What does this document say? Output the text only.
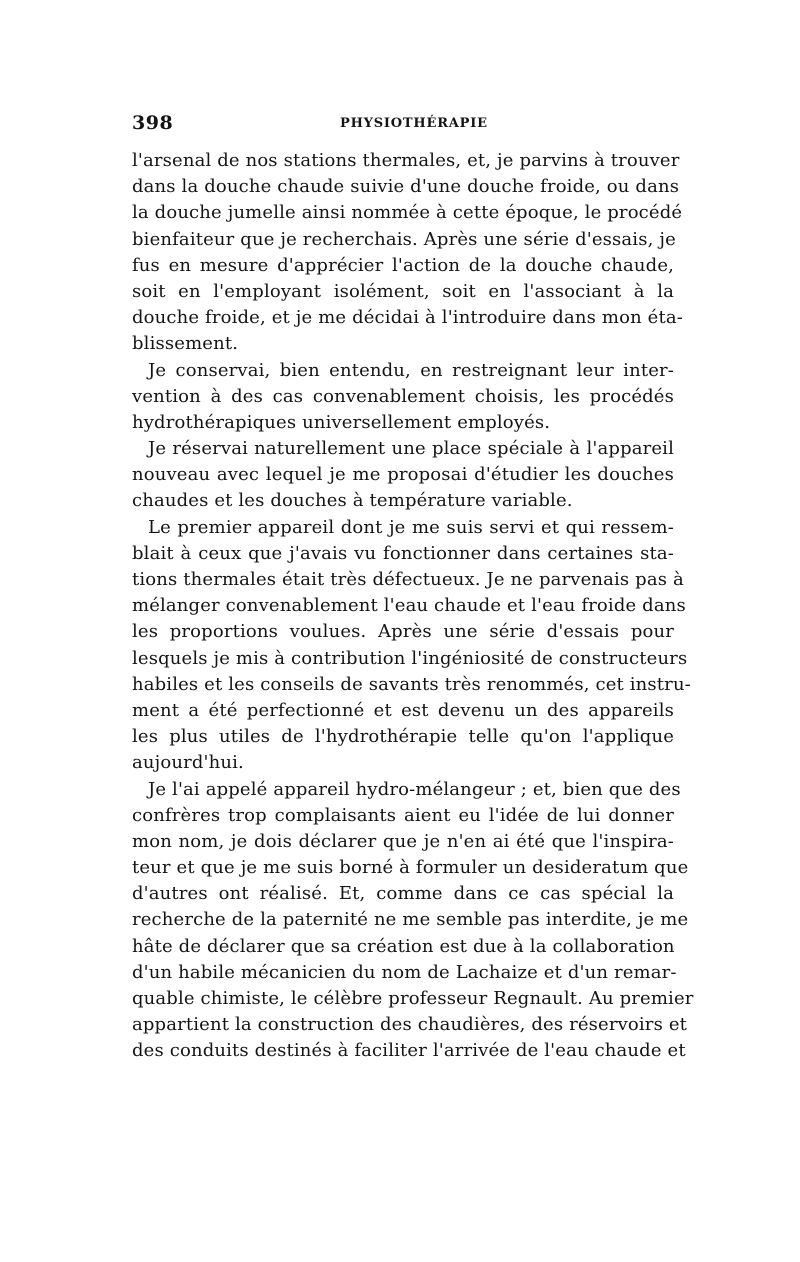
398	PHYSIOTHÉRAPIE
l'arsenal de nos stations thermales, et, je parvins à trouver
dans la douche chaude suivie d'une douche froide, ou dans
la douche jumelle ainsi nommée à cette époque, le procédé
bienfaiteur que je recherchais. Après une série d'essais, je
fus en mesure d'apprécier l'action de la douche chaude,
soit en l'employant isolément, soit en l'associant à la
douche froide, et je me décidai à l'introduire dans mon éta-
blissement.
Je conservai, bien entendu, en restreignant leur inter-
vention à des cas convenablement choisis, les procédés
hydrothérapiques universellement employés.
Je réservai naturellement une place spéciale à l'appareil
nouveau avec lequel je me proposai d'étudier les douches
chaudes et les douches à température variable.
Le premier appareil dont je me suis servi et qui ressem-
blait à ceux que j'avais vu fonctionner dans certaines sta-
tions thermales était très défectueux. Je ne parvenais pas à
mélanger convenablement l'eau chaude et l'eau froide dans
les proportions voulues. Après une série d'essais pour
lesquels je mis à contribution l'ingéniosité de constructeurs
habiles et les conseils de savants très renommés, cet instru-
ment a été perfectionné et est devenu un des appareils
les plus utiles de l'hydrothérapie telle qu'on l'applique
aujourd'hui.
Je l'ai appelé appareil hydro-mélangeur ; et, bien que des
confrères trop complaisants aient eu l'idée de lui donner
mon nom, je dois déclarer que je n'en ai été que l'inspira-
teur et que je me suis borné à formuler un desideratum que
d'autres ont réalisé. Et, comme dans ce cas spécial la
recherche de la paternité ne me semble pas interdite, je me
hâte de déclarer que sa création est due à la collaboration
d'un habile mécanicien du nom de Lachaize et d'un remar-
quable chimiste, le célèbre professeur Regnault. Au premier
appartient la construction des chaudières, des réservoirs et
des conduits destinés à faciliter l'arrivée de l'eau chaude et
